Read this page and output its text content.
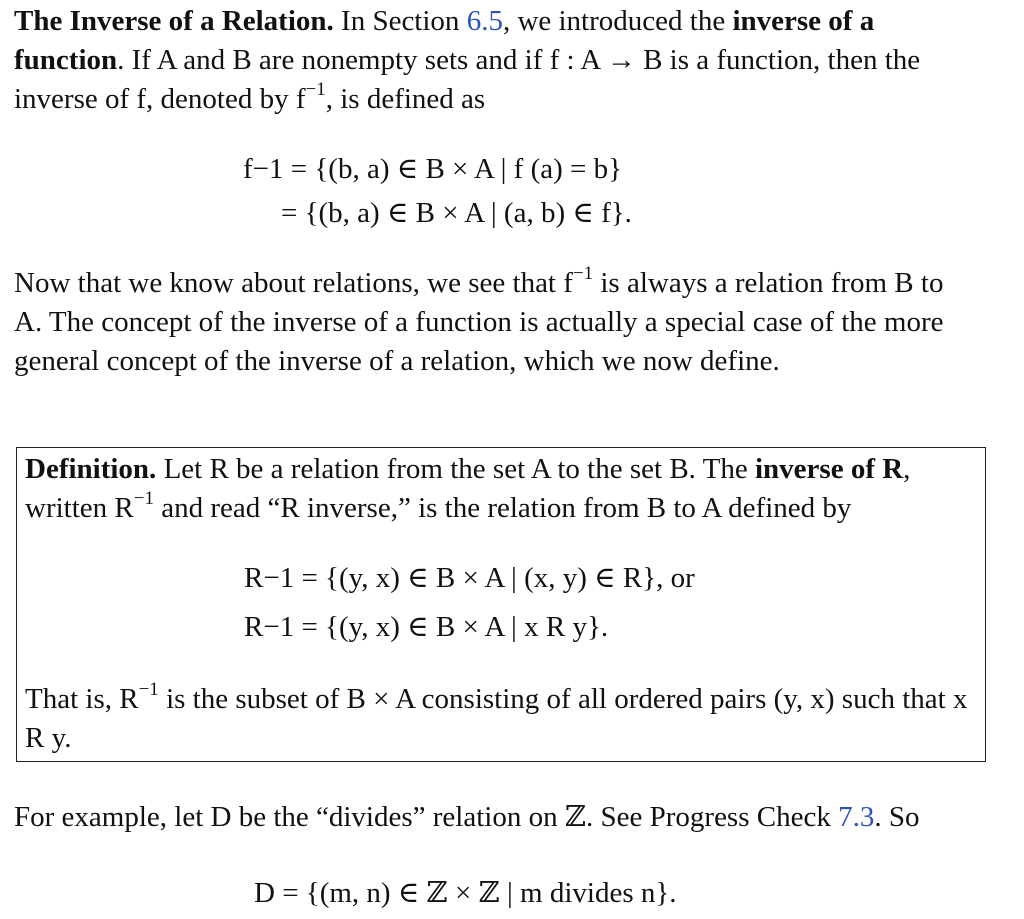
The Inverse of a Relation. In Section 6.5, we introduced the inverse of a function. If A and B are nonempty sets and if f : A → B is a function, then the inverse of f, denoted by $f^{-1}$, is defined as
f−1 = {(b, a) ∈ B × A | f (a) = b}
= {(b, a) ∈ B × A | (a, b) ∈ f}.
Now that we know about relations, we see that $f^{-1}$ is always a relation from B to A. The concept of the inverse of a function is actually a special case of the more general concept of the inverse of a relation, which we now define.
Definition. Let R be a relation from the set A to the set B. The inverse of R, written $R^{-1}$ and read “R inverse,” is the relation from B to A defined by
R−1 = {(y, x) ∈ B × A | (x, y) ∈ R}, or
R−1 = {(y, x) ∈ B × A | x R y}.
That is, $R^{-1}$ is the subset of B × A consisting of all ordered pairs (y, x) such that x R y.
For example, let D be the “divides” relation on ℤ. See Progress Check 7.3. So
D = {(m, n) ∈ ℤ × ℤ | m divides n}.
